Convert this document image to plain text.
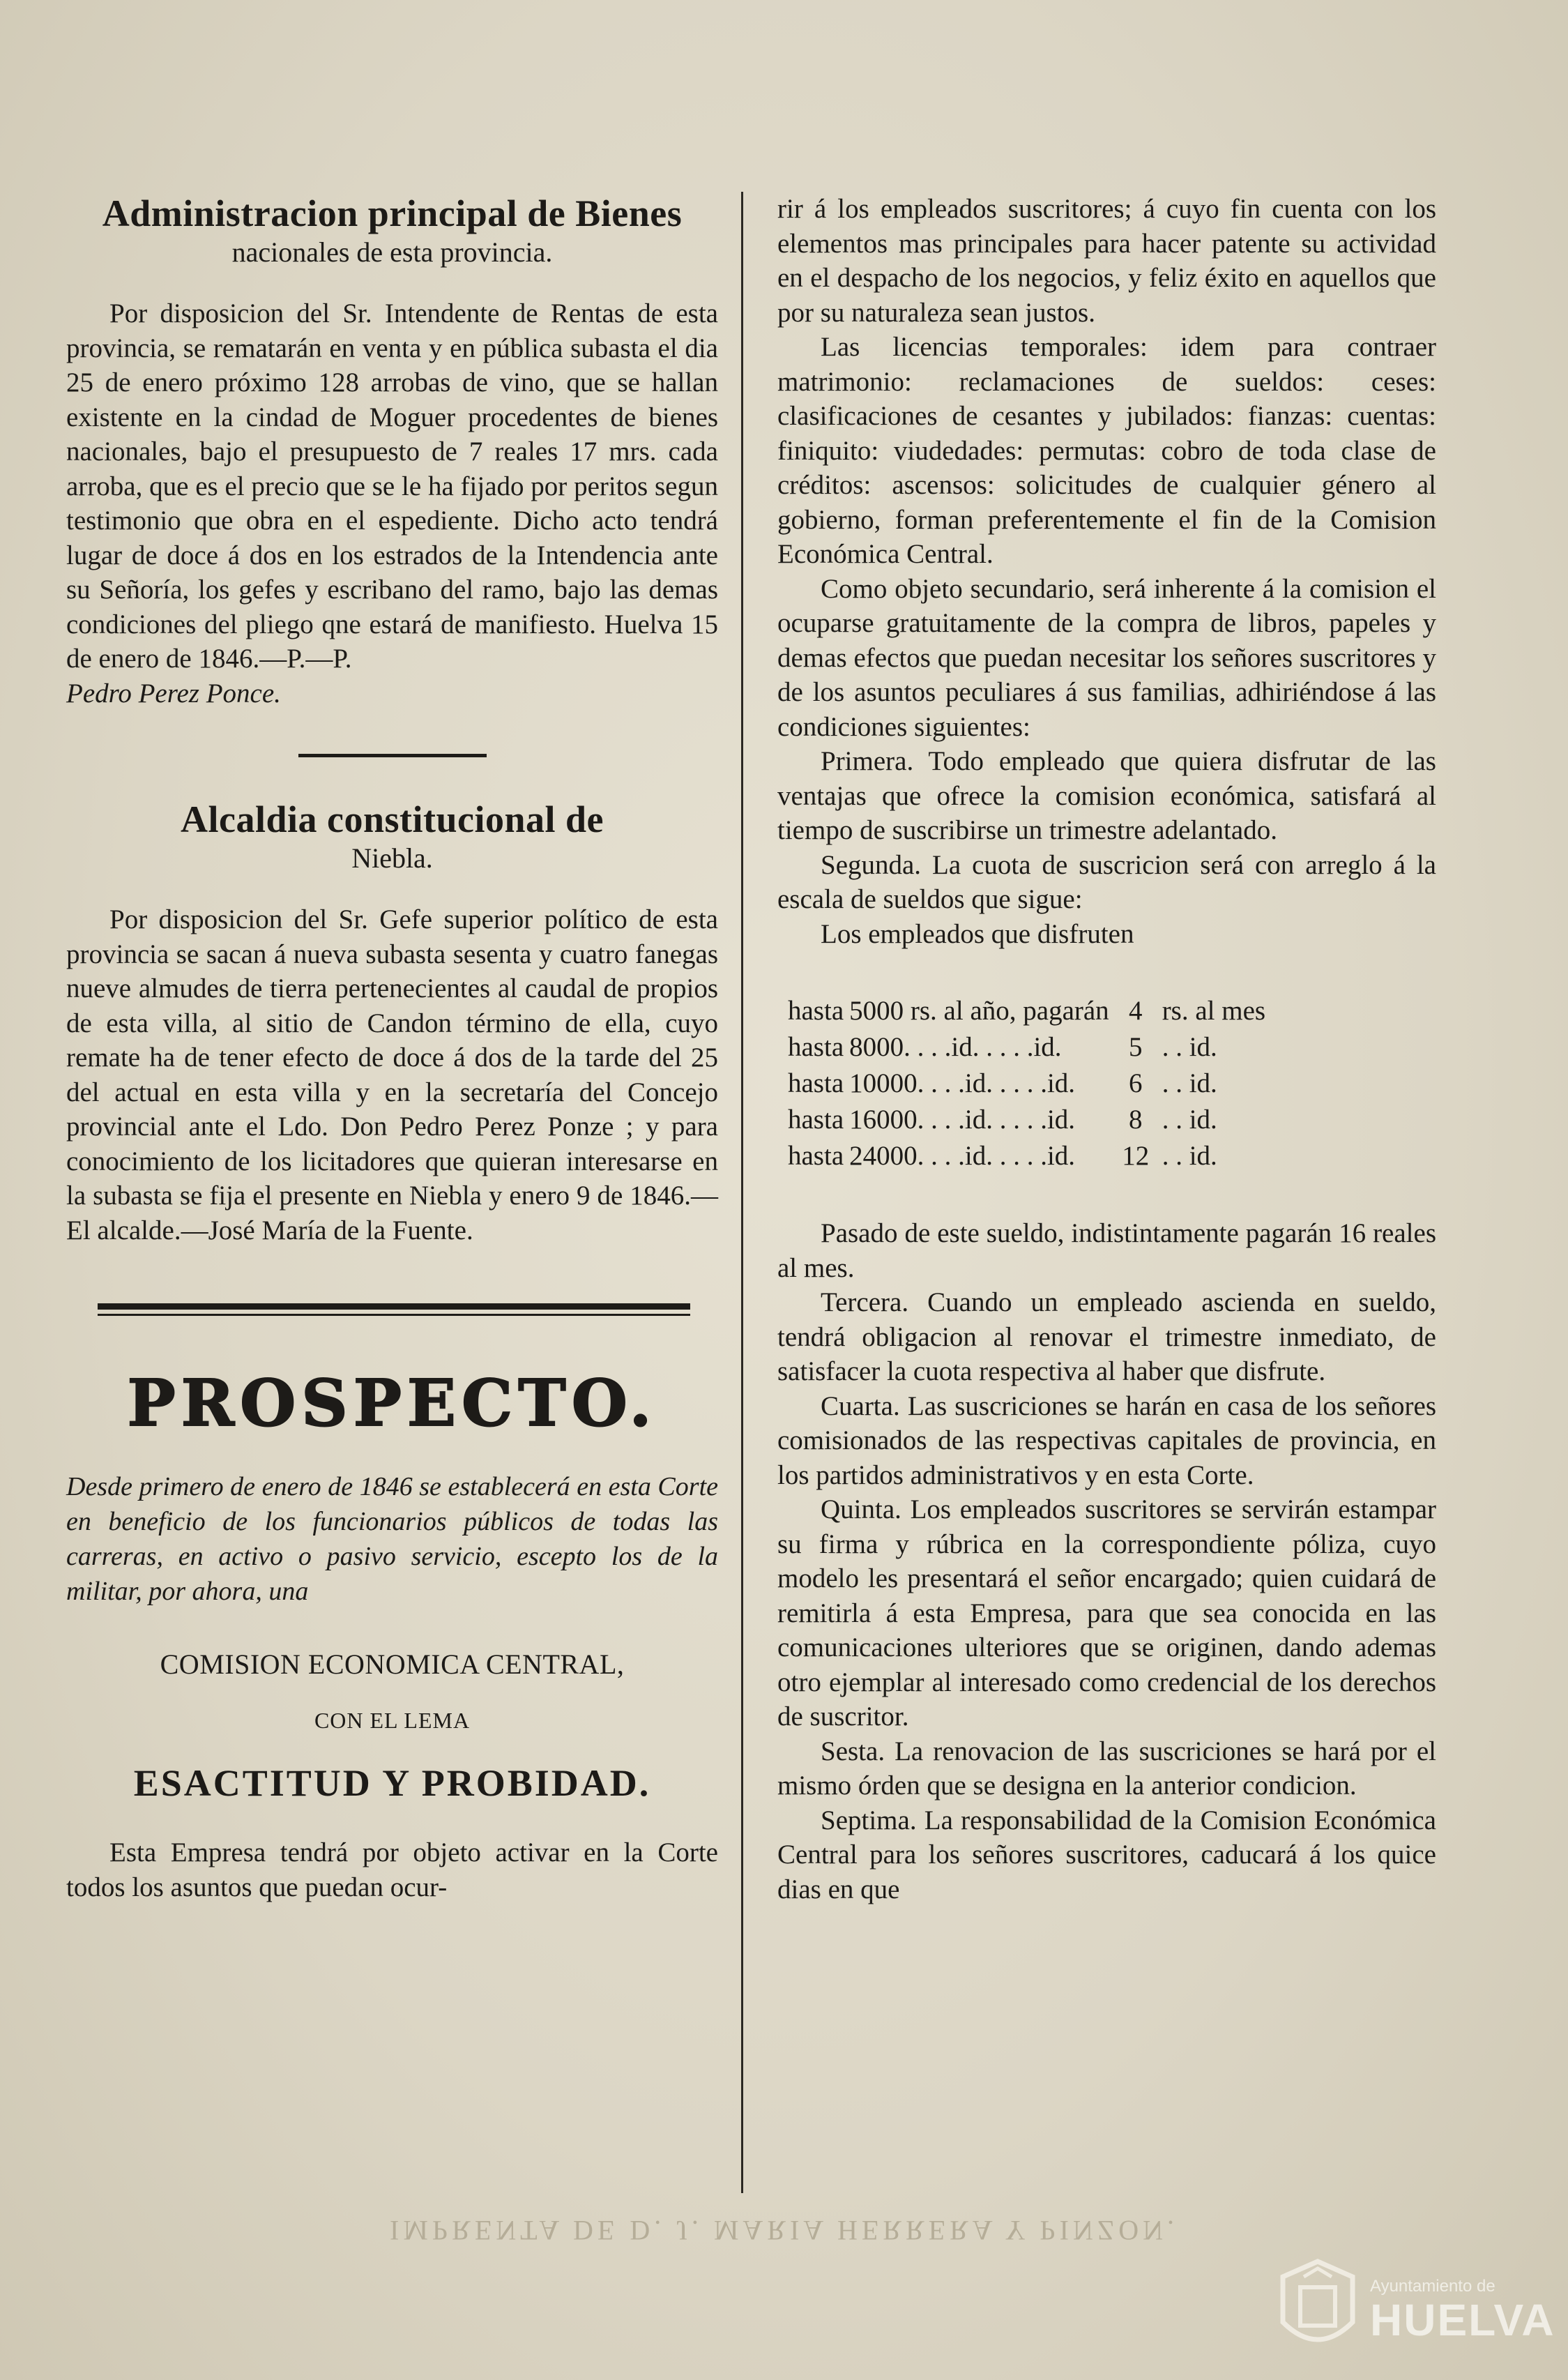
Administracion principal de Bienes
nacionales de esta provincia.

Por disposicion del Sr. Intendente de Rentas de esta provincia, se rematarán en venta y en pública subasta el dia 25 de enero próximo 128 arrobas de vino, que se hallan existente en la cindad de Moguer procedentes de bienes nacionales, bajo el presupuesto de 7 reales 17 mrs. cada arroba, que es el precio que se le ha fijado por peritos segun testimonio que obra en el espediente. Dicho acto tendrá lugar de doce á dos en los estrados de la Intendencia ante su Señoría, los gefes y escribano del ramo, bajo las demas condiciones del pliego qne estará de manifiesto. Huelva 15 de enero de 1846.—P.—P.

Pedro Perez Ponce.

Alcaldia constitucional de
Niebla.

Por disposicion del Sr. Gefe superior político de esta provincia se sacan á nueva subasta sesenta y cuatro fanegas nueve almudes de tierra pertenecientes al caudal de propios de esta villa, al sitio de Candon término de ella, cuyo remate ha de tener efecto de doce á dos de la tarde del 25 del actual en esta villa y en la secretaría del Concejo provincial ante el Ldo. Don Pedro Perez Ponze ; y para conocimiento de los licitadores que quieran interesarse en la subasta se fija el presente en Niebla y enero 9 de 1846.— El alcalde.—José María de la Fuente.

PROSPECTO.

Desde primero de enero de 1846 se establecerá en esta Corte en beneficio de los funcionarios públicos de todas las carreras, en activo o pasivo servicio, escepto los de la militar, por ahora, una

COMISION ECONOMICA CENTRAL,
CON EL LEMA
ESACTITUD Y PROBIDAD.

Esta Empresa tendrá por objeto activar en la Corte todos los asuntos que puedan ocur-

rir á los empleados suscritores; á cuyo fin cuenta con los elementos mas principales para hacer patente su actividad en el despacho de los negocios, y feliz éxito en aquellos que por su naturaleza sean justos.

Las licencias temporales: idem para contraer matrimonio: reclamaciones de sueldos: ceses: clasificaciones de cesantes y jubilados: fianzas: cuentas: finiquito: viudedades: permutas: cobro de toda clase de créditos: ascensos: solicitudes de cualquier género al gobierno, forman preferentemente el fin de la Comision Económica Central.

Como objeto secundario, será inherente á la comision el ocuparse gratuitamente de la compra de libros, papeles y demas efectos que puedan necesitar los señores suscritores y de los asuntos peculiares á sus familias, adhiriéndose á las condiciones siguientes:

Primera. Todo empleado que quiera disfrutar de las ventajas que ofrece la comision económica, satisfará al tiempo de suscribirse un trimestre adelantado.

Segunda. La cuota de suscricion será con arreglo á la escala de sueldos que sigue:

Los empleados que disfruten

hasta	5000 rs. al año, pagarán	4	rs. al mes
hasta	8000. . . .id. . . . .id.	5	. . id.
hasta	10000. . . .id. . . . .id.	6	. . id.
hasta	16000. . . .id. . . . .id.	8	. . id.
hasta	24000. . . .id. . . . .id.	12	. . id.

Pasado de este sueldo, indistintamente pagarán 16 reales al mes.

Tercera. Cuando un empleado ascienda en sueldo, tendrá obligacion al renovar el trimestre inmediato, de satisfacer la cuota respectiva al haber que disfrute.

Cuarta. Las suscriciones se harán en casa de los señores comisionados de las respectivas capitales de provincia, en los partidos administrativos y en esta Corte.

Quinta. Los empleados suscritores se servirán estampar su firma y rúbrica en la correspondiente póliza, cuyo modelo les presentará el señor encargado; quien cuidará de remitirla á esta Empresa, para que sea conocida en las comunicaciones ulteriores que se originen, dando ademas otro ejemplar al interesado como credencial de los derechos de suscritor.

Sesta. La renovacion de las suscriciones se hará por el mismo órden que se designa en la anterior condicion.

Septima. La responsabilidad de la Comision Económica Central para los señores suscritores, caducará á los quice dias en que

IMPRENTA DE D. J. MARIA HERRERA Y PINZON.
Ayuntamiento de
HUELVA
